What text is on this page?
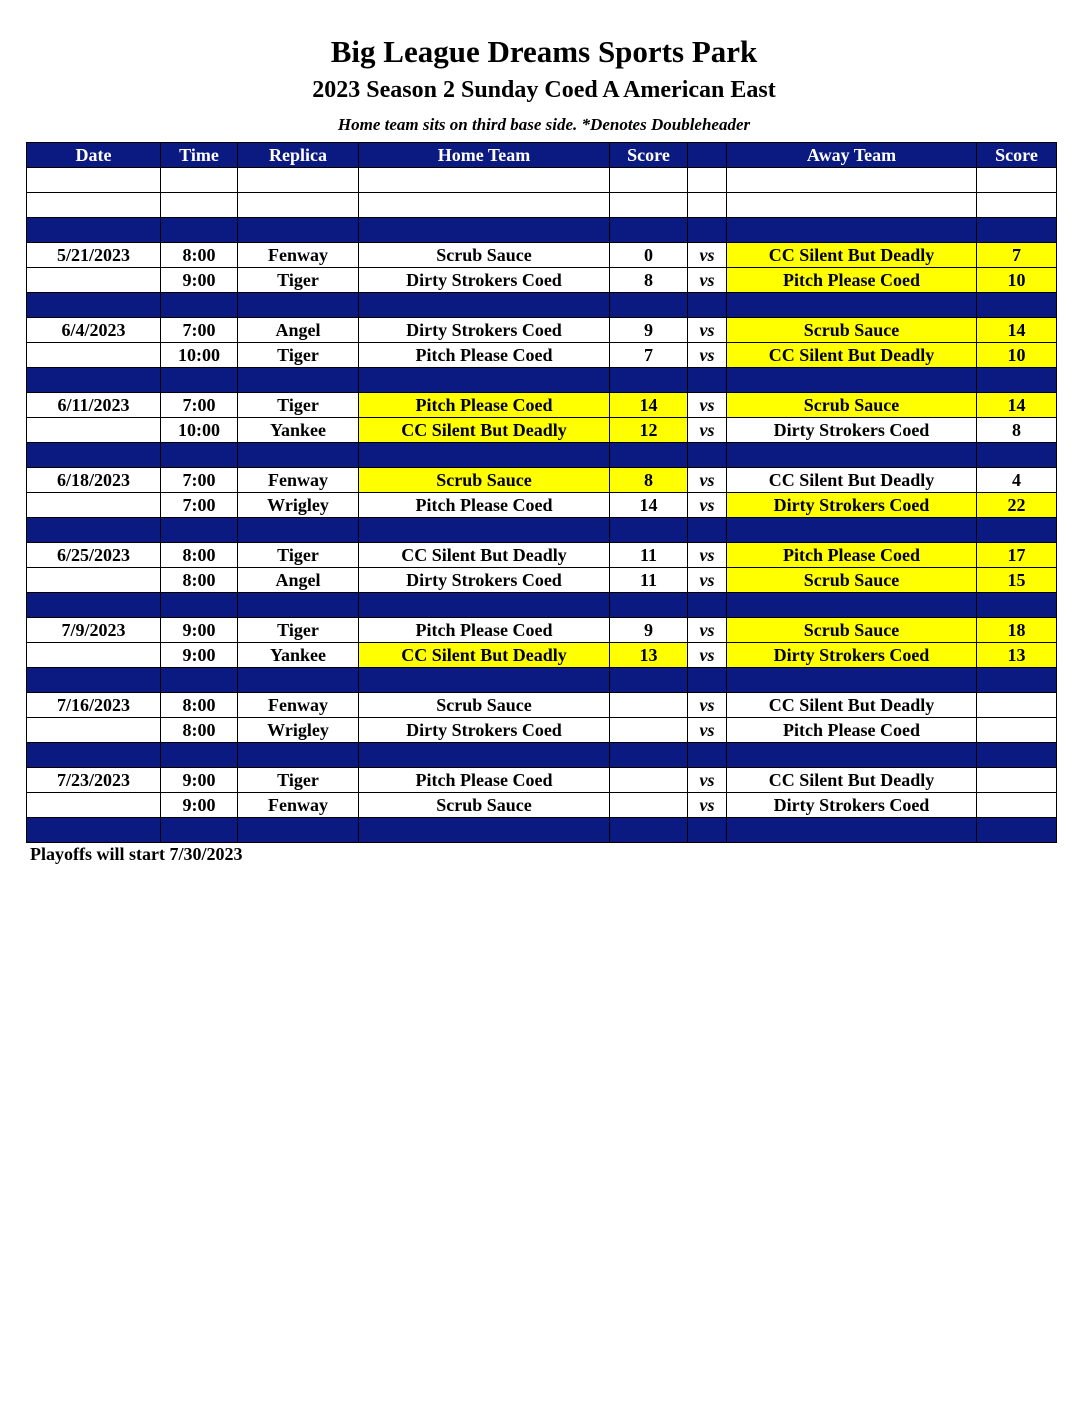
Big League Dreams Sports Park
2023 Season 2 Sunday Coed A American East
Home team sits on third base side. *Denotes Doubleheader
Date	Time	Replica	Home Team	Score		Away Team	Score

5/21/2023	8:00	Fenway	Scrub Sauce	0	vs	CC Silent But Deadly	7
	9:00	Tiger	Dirty Strokers Coed	8	vs	Pitch Please Coed	10

6/4/2023	7:00	Angel	Dirty Strokers Coed	9	vs	Scrub Sauce	14
	10:00	Tiger	Pitch Please Coed	7	vs	CC Silent But Deadly	10

6/11/2023	7:00	Tiger	Pitch Please Coed	14	vs	Scrub Sauce	14
	10:00	Yankee	CC Silent But Deadly	12	vs	Dirty Strokers Coed	8

6/18/2023	7:00	Fenway	Scrub Sauce	8	vs	CC Silent But Deadly	4
	7:00	Wrigley	Pitch Please Coed	14	vs	Dirty Strokers Coed	22

6/25/2023	8:00	Tiger	CC Silent But Deadly	11	vs	Pitch Please Coed	17
	8:00	Angel	Dirty Strokers Coed	11	vs	Scrub Sauce	15

7/9/2023	9:00	Tiger	Pitch Please Coed	9	vs	Scrub Sauce	18
	9:00	Yankee	CC Silent But Deadly	13	vs	Dirty Strokers Coed	13

7/16/2023	8:00	Fenway	Scrub Sauce		vs	CC Silent But Deadly	
	8:00	Wrigley	Dirty Strokers Coed		vs	Pitch Please Coed	

7/23/2023	9:00	Tiger	Pitch Please Coed		vs	CC Silent But Deadly	
	9:00	Fenway	Scrub Sauce		vs	Dirty Strokers Coed	

Playoffs will start 7/30/2023
